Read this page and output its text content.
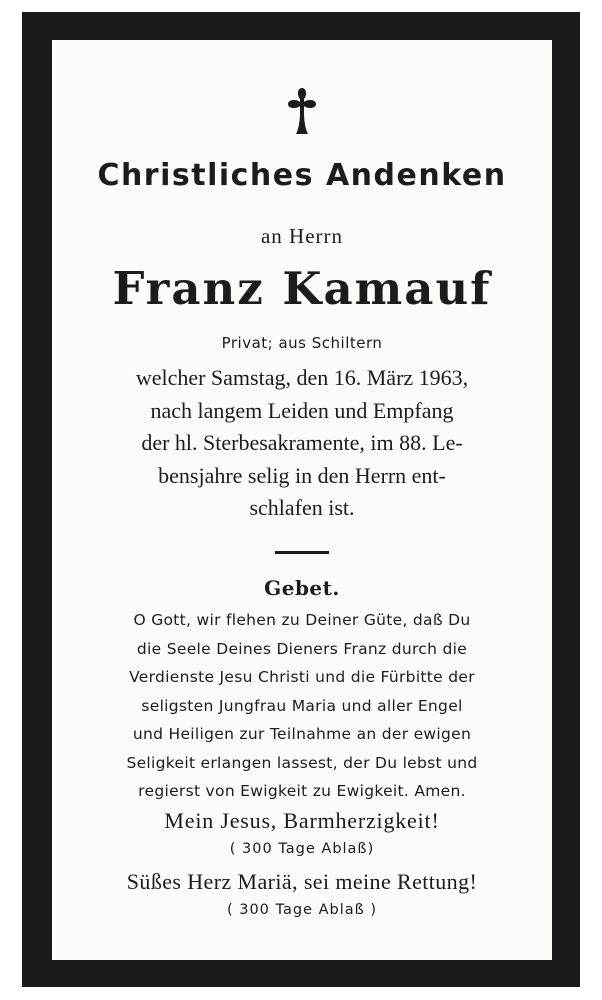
Christliches Andenken
an Herrn
Franz Kamauf
Privat; aus Schiltern
welcher Samstag, den 16. März 1963,
nach langem Leiden und Empfang
der hl. Sterbesakramente, im 88. Le-
bensjahre selig in den Herrn ent-
schlafen ist.
Gebet.
O Gott, wir flehen zu Deiner Güte, daß Du
die Seele Deines Dieners Franz durch die
Verdienste Jesu Christi und die Fürbitte der
seligsten Jungfrau Maria und aller Engel
und Heiligen zur Teilnahme an der ewigen
Seligkeit erlangen lassest, der Du lebst und
regierst von Ewigkeit zu Ewigkeit. Amen.
Mein Jesus, Barmherzigkeit!
( 300 Tage Ablaß)
Süßes Herz Mariä, sei meine Rettung!
( 300 Tage Ablaß )
